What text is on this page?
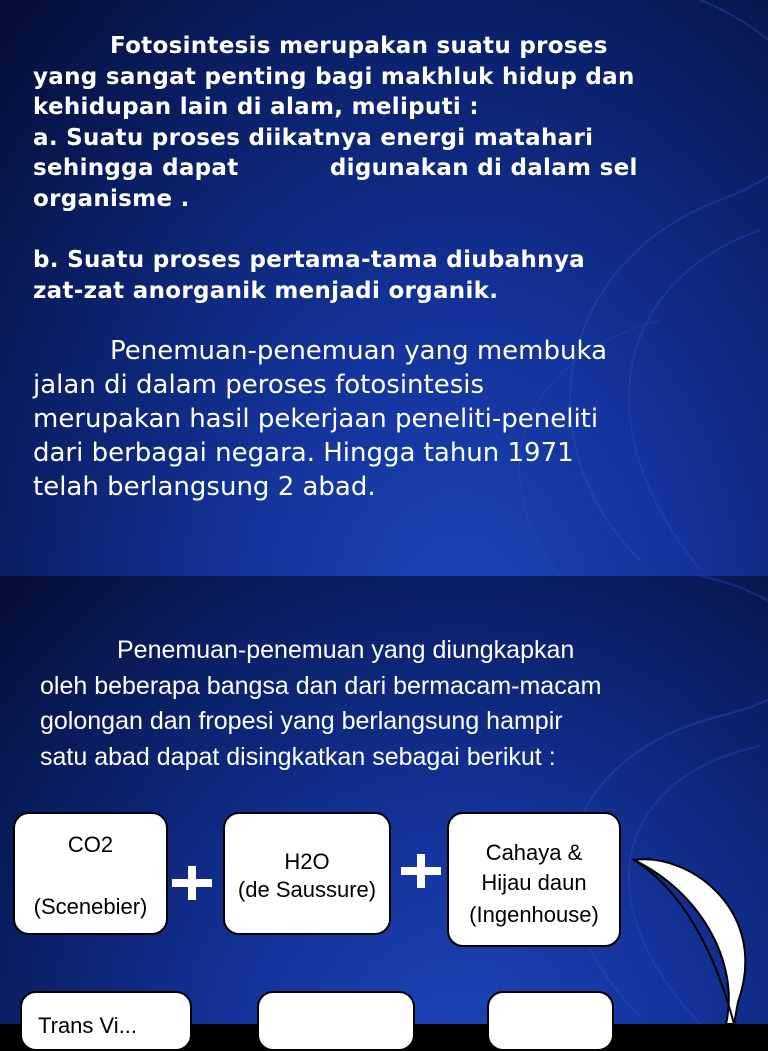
Fotosintesis merupakan suatu proses
yang sangat penting bagi makhluk hidup dan
kehidupan lain di alam, meliputi :
a. Suatu proses diikatnya energi matahari
sehingga dapat           digunakan di dalam sel
organisme .
b. Suatu proses pertama-tama diubahnya
zat-zat anorganik menjadi organik.
Penemuan-penemuan yang membuka
jalan di dalam peroses fotosintesis
merupakan hasil pekerjaan peneliti-peneliti
dari berbagai negara. Hingga tahun 1971
telah berlangsung 2 abad.
Penemuan-penemuan yang diungkapkan
oleh beberapa bangsa dan dari bermacam-macam
golongan dan fropesi yang berlangsung hampir
satu abad dapat disingkatkan sebagai berikut :
CO2
(Scenebier)
H2O
(de Saussure)
Cahaya &
Hijau daun
(Ingenhouse)
Trans Vi...
